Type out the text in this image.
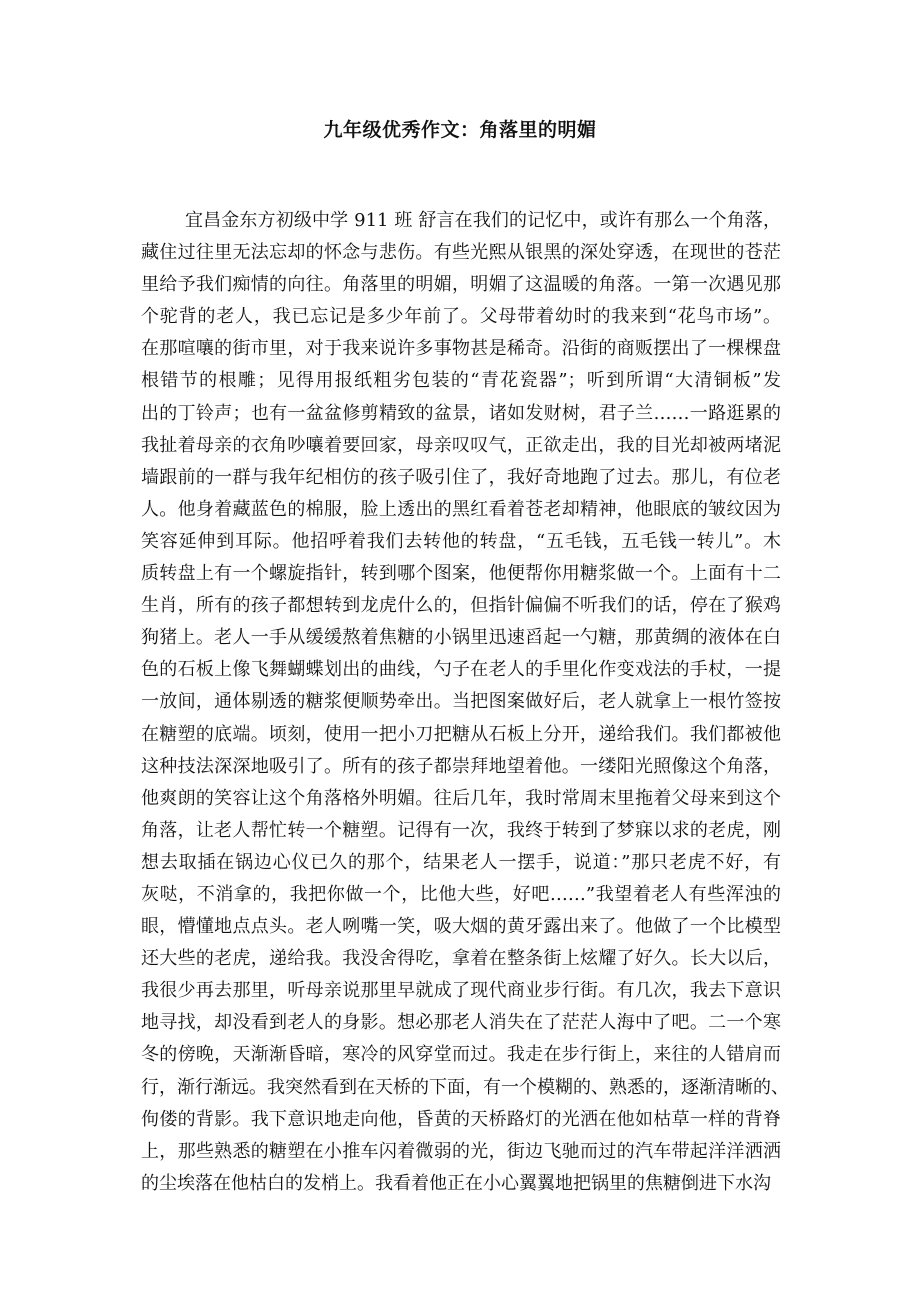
九年级优秀作文：角落里的明媚
宜昌金东方初级中学 911 班 舒言在我们的记忆中，或许有那么一个角落，
藏住过往里无法忘却的怀念与悲伤。有些光熙从银黑的深处穿透，在现世的苍茫
里给予我们痴情的向往。角落里的明媚，明媚了这温暖的角落。一第一次遇见那
个驼背的老人，我已忘记是多少年前了。父母带着幼时的我来到“花鸟市场”。
在那喧嚷的街市里，对于我来说许多事物甚是稀奇。沿街的商贩摆出了一棵棵盘
根错节的根雕；见得用报纸粗劣包装的“青花瓷器”；听到所谓“大清铜板”发
出的丁铃声；也有一盆盆修剪精致的盆景，诸如发财树，君子兰……一路逛累的
我扯着母亲的衣角吵嚷着要回家，母亲叹叹气，正欲走出，我的目光却被两堵泥
墙跟前的一群与我年纪相仿的孩子吸引住了，我好奇地跑了过去。那儿，有位老
人。他身着藏蓝色的棉服，脸上透出的黑红看着苍老却精神，他眼底的皱纹因为
笑容延伸到耳际。他招呼着我们去转他的转盘，“五毛钱，五毛钱一转儿”。木
质转盘上有一个螺旋指针，转到哪个图案，他便帮你用糖浆做一个。上面有十二
生肖，所有的孩子都想转到龙虎什么的，但指针偏偏不听我们的话，停在了猴鸡
狗猪上。老人一手从缓缓熬着焦糖的小锅里迅速舀起一勺糖，那黄绸的液体在白
色的石板上像飞舞蝴蝶划出的曲线，勺子在老人的手里化作变戏法的手杖，一提
一放间，通体剔透的糖浆便顺势牵出。当把图案做好后，老人就拿上一根竹签按
在糖塑的底端。顷刻，使用一把小刀把糖从石板上分开，递给我们。我们都被他
这种技法深深地吸引了。所有的孩子都崇拜地望着他。一缕阳光照像这个角落，
他爽朗的笑容让这个角落格外明媚。往后几年，我时常周末里拖着父母来到这个
角落，让老人帮忙转一个糖塑。记得有一次，我终于转到了梦寐以求的老虎，刚
想去取插在锅边心仪已久的那个，结果老人一摆手，说道：”那只老虎不好，有
灰哒，不消拿的，我把你做一个，比他大些，好吧……”我望着老人有些浑浊的
眼，懵懂地点点头。老人咧嘴一笑，吸大烟的黄牙露出来了。他做了一个比模型
还大些的老虎，递给我。我没舍得吃，拿着在整条街上炫耀了好久。长大以后，
我很少再去那里，听母亲说那里早就成了现代商业步行街。有几次，我去下意识
地寻找，却没看到老人的身影。想必那老人消失在了茫茫人海中了吧。二一个寒
冬的傍晚，天渐渐昏暗，寒冷的风穿堂而过。我走在步行街上，来往的人错肩而
行，渐行渐远。我突然看到在天桥的下面，有一个模糊的、熟悉的，逐渐清晰的、
佝偻的背影。我下意识地走向他，昏黄的天桥路灯的光洒在他如枯草一样的背脊
上，那些熟悉的糖塑在小推车闪着微弱的光，街边飞驰而过的汽车带起洋洋洒洒
的尘埃落在他枯白的发梢上。我看着他正在小心翼翼地把锅里的焦糖倒进下水沟
